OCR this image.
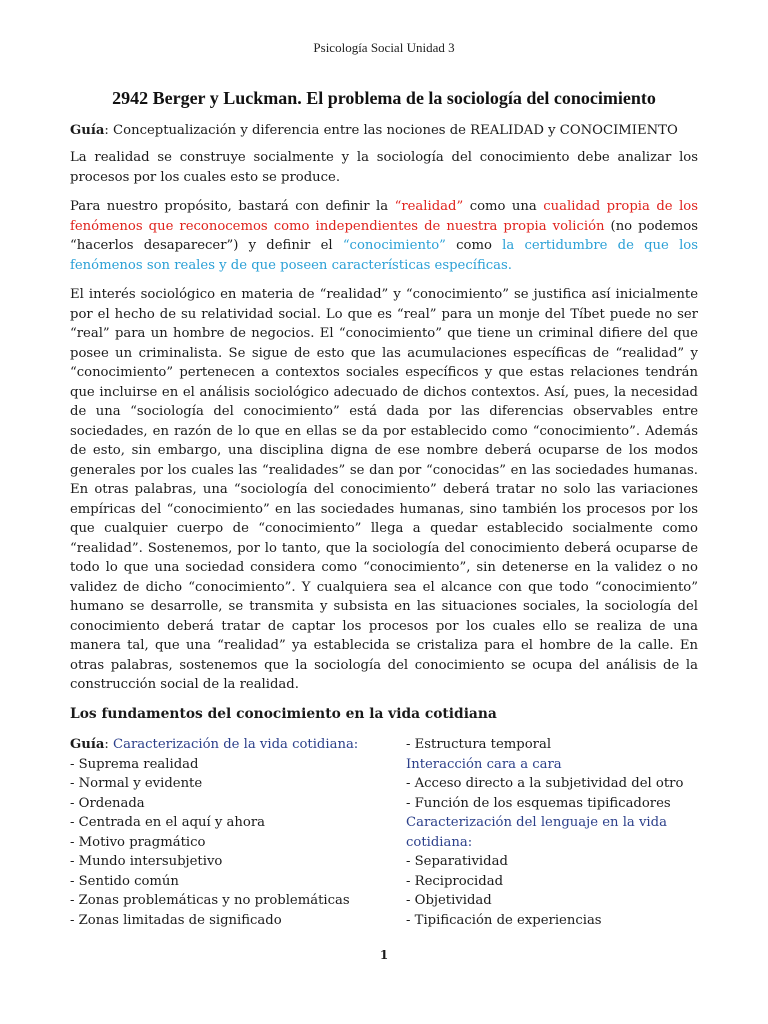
Psicología Social Unidad 3
2942 Berger y Luckman. El problema de la sociología del conocimiento
Guía: Conceptualización y diferencia entre las nociones de REALIDAD y CONOCIMIENTO

La realidad se construye socialmente y la sociología del conocimiento debe analizar los procesos por los cuales esto se produce.

Para nuestro propósito, bastará con definir la “realidad” como una cualidad propia de los fenómenos que reconocemos como independientes de nuestra propia volición (no podemos “hacerlos desaparecer”) y definir el “conocimiento” como la certidumbre de que los fenómenos son reales y de que poseen características específicas.

El interés sociológico en materia de “realidad” y “conocimiento” se justifica así inicialmente por el hecho de su relatividad social. Lo que es “real” para un monje del Tíbet puede no ser “real” para un hombre de negocios. El “conocimiento” que tiene un criminal difiere del que posee un criminalista. Se sigue de esto que las acumulaciones específicas de “realidad” y “conocimiento” pertenecen a contextos sociales específicos y que estas relaciones tendrán que incluirse en el análisis sociológico adecuado de dichos contextos. Así, pues, la necesidad de una “sociología del conocimiento” está dada por las diferencias observables entre sociedades, en razón de lo que en ellas se da por establecido como “conocimiento”. Además de esto, sin embargo, una disciplina digna de ese nombre deberá ocuparse de los modos generales por los cuales las “realidades” se dan por “conocidas” en las sociedades humanas. En otras palabras, una “sociología del conocimiento” deberá tratar no solo las variaciones empíricas del “conocimiento” en las sociedades humanas, sino también los procesos por los que cualquier cuerpo de “conocimiento” llega a quedar establecido socialmente como “realidad”. Sostenemos, por lo tanto, que la sociología del conocimiento deberá ocuparse de todo lo que una sociedad considera como “conocimiento”, sin detenerse en la validez o no validez de dicho “conocimiento”. Y cualquiera sea el alcance con que todo “conocimiento” humano se desarrolle, se transmita y subsista en las situaciones sociales, la sociología del conocimiento deberá tratar de captar los procesos por los cuales ello se realiza de una manera tal, que una “realidad” ya establecida se cristaliza para el hombre de la calle. En otras palabras, sostenemos que la sociología del conocimiento se ocupa del análisis de la construcción social de la realidad.

Los fundamentos del conocimiento en la vida cotidiana
Guía: Caracterización de la vida cotidiana:
- Suprema realidad
- Normal y evidente
- Ordenada
- Centrada en el aquí y ahora
- Motivo pragmático
- Mundo intersubjetivo
- Sentido común
- Zonas problemáticas y no problemáticas
- Zonas limitadas de significado
- Estructura temporal
Interacción cara a cara
- Acceso directo a la subjetividad del otro
- Función de los esquemas tipificadores
Caracterización del lenguaje en la vida
cotidiana:
- Separatividad
- Reciprocidad
- Objetividad
- Tipificación de experiencias
1
